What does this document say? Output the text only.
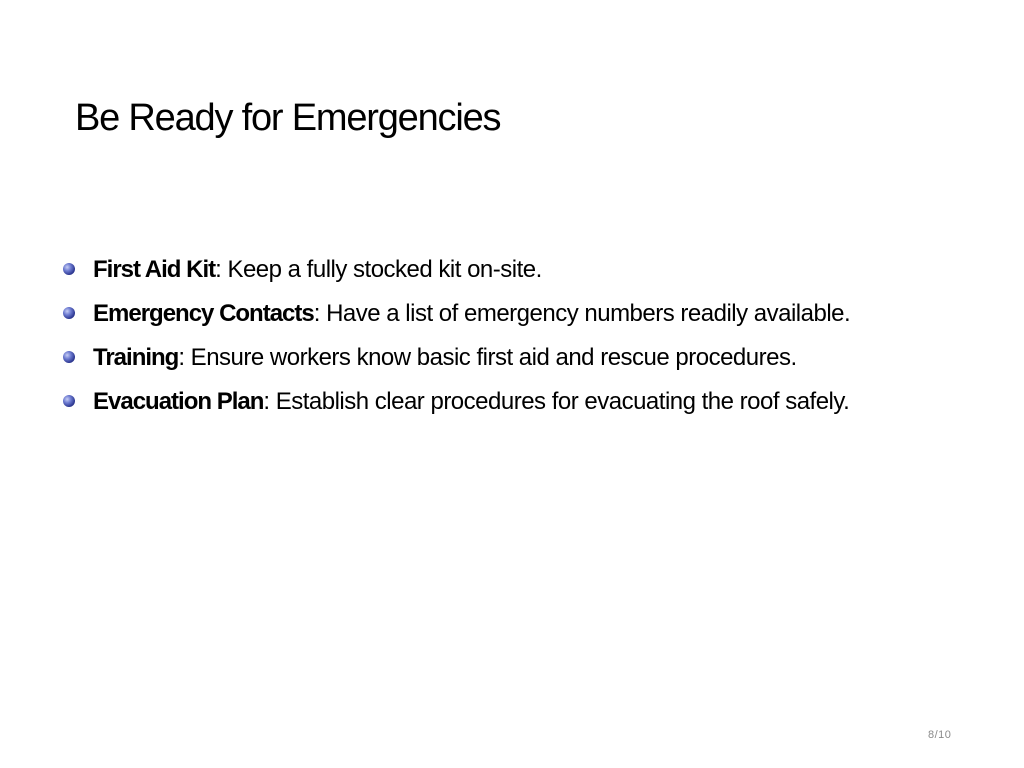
Be Ready for Emergencies
First Aid Kit: Keep a fully stocked kit on-site.
Emergency Contacts: Have a list of emergency numbers readily available.
Training: Ensure workers know basic first aid and rescue procedures.
Evacuation Plan: Establish clear procedures for evacuating the roof safely.
8/10
